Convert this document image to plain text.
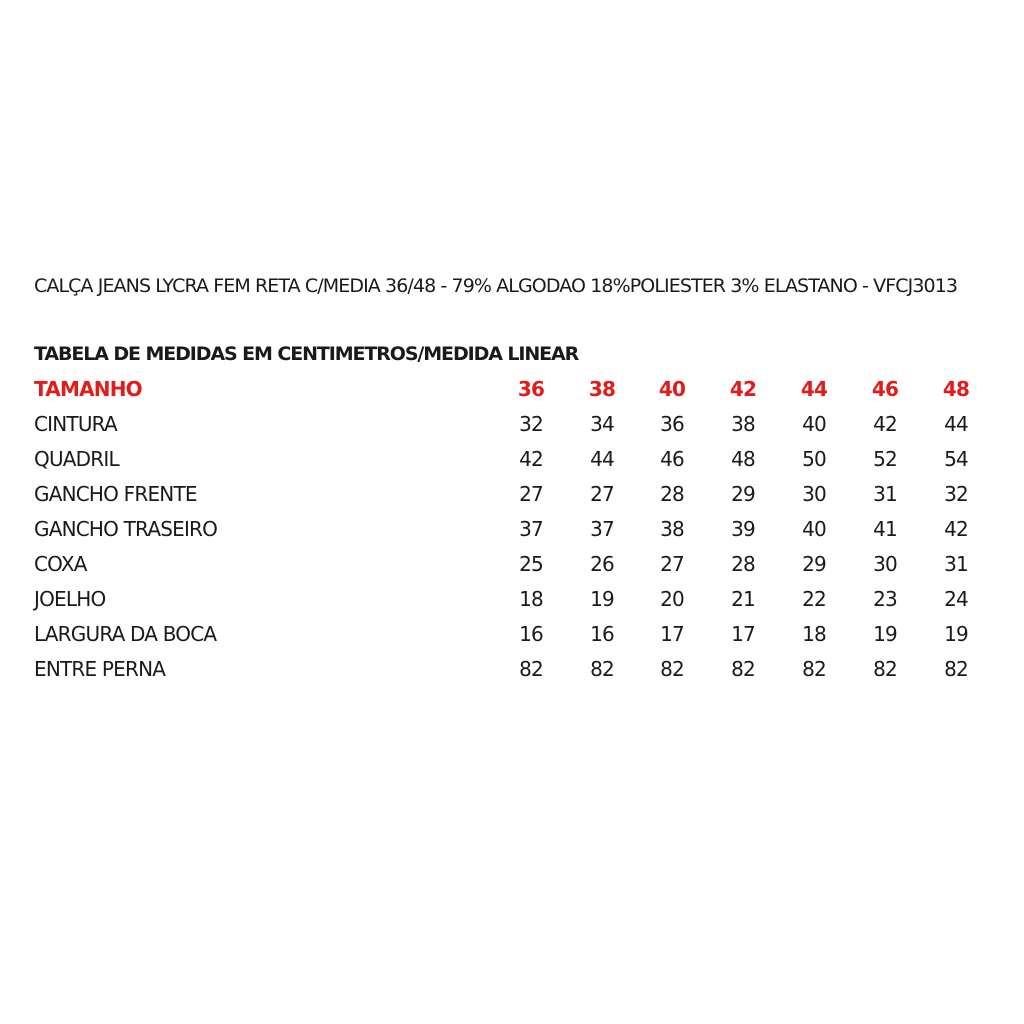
CALÇA JEANS LYCRA FEM RETA C/MEDIA 36/48 - 79% ALGODAO 18%POLIESTER 3% ELASTANO - VFCJ3013
TABELA DE MEDIDAS EM CENTIMETROS/MEDIDA LINEAR
TAMANHO	36	38	40	42	44	46	48
CINTURA	32	34	36	38	40	42	44
QUADRIL	42	44	46	48	50	52	54
GANCHO FRENTE	27	27	28	29	30	31	32
GANCHO TRASEIRO	37	37	38	39	40	41	42
COXA	25	26	27	28	29	30	31
JOELHO	18	19	20	21	22	23	24
LARGURA DA BOCA	16	16	17	17	18	19	19
ENTRE PERNA	82	82	82	82	82	82	82
